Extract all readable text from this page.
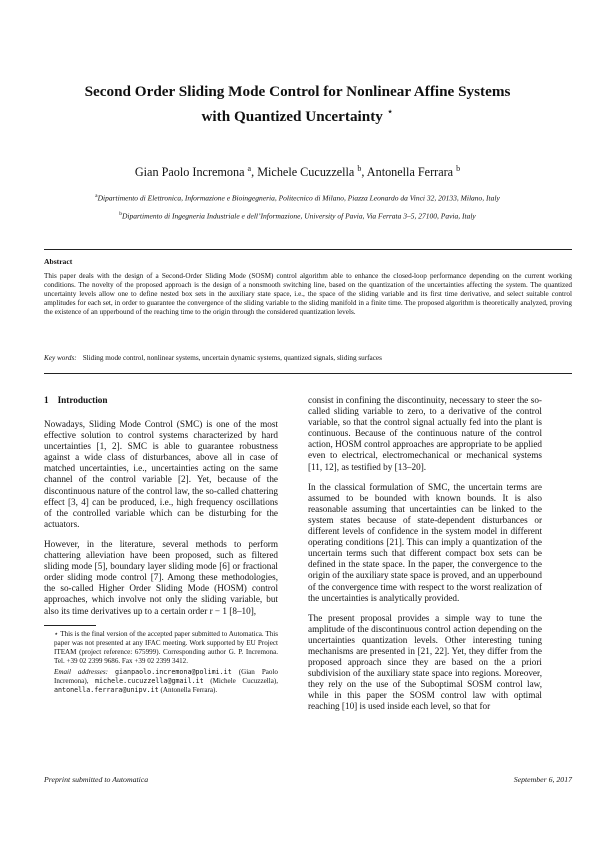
Second Order Sliding Mode Control for Nonlinear Affine Systems
with Quantized Uncertainty ⋆
Gian Paolo Incremona $^a$, Michele Cucuzzella $^b$, Antonella Ferrara $^b$
$^a$Dipartimento di Elettronica, Informazione e Bioingegneria, Politecnico di Milano, Piazza Leonardo da Vinci 32, 20133, Milano, Italy
$^b$Dipartimento di Ingegneria Industriale e dell’Informazione, University of Pavia, Via Ferrata 3–5, 27100, Pavia, Italy
Abstract
This paper deals with the design of a Second-Order Sliding Mode (SOSM) control algorithm able to enhance the closed-loop performance depending on the current working conditions. The novelty of the proposed approach is the design of a nonsmooth switching line, based on the quantization of the uncertainties affecting the system. The quantized uncertainty levels allow one to define nested box sets in the auxiliary state space, i.e., the space of the sliding variable and its first time derivative, and select suitable control amplitudes for each set, in order to guarantee the convergence of the sliding variable to the sliding manifold in a finite time. The proposed algorithm is theoretically analyzed, proving the existence of an upperbound of the reaching time to the origin through the considered quantization levels.
Key words: Sliding mode control, nonlinear systems, uncertain dynamic systems, quantized signals, sliding surfaces
1 Introduction

Nowadays, Sliding Mode Control (SMC) is one of the most effective solution to control systems characterized by hard uncertainties [1, 2]. SMC is able to guarantee robustness against a wide class of disturbances, above all in case of matched uncertainties, i.e., uncertainties acting on the same channel of the control variable [2]. Yet, because of the discontinuous nature of the control law, the so-called chattering effect [3, 4] can be produced, i.e., high frequency oscillations of the controlled variable which can be disturbing for the actuators.

However, in the literature, several methods to perform chattering alleviation have been proposed, such as filtered sliding mode [5], boundary layer sliding mode [6] or fractional order sliding mode control [7]. Among these methodologies, the so-called Higher Order Sliding Mode (HOSM) control approaches, which involve not only the sliding variable, but also its time derivatives up to a certain order r − 1 [8–10],

⋆ This is the final version of the accepted paper submitted to Automatica. This paper was not presented at any IFAC meeting. Work supported by EU Project ITEAM (project reference: 675999). Corresponding author G. P. Incremona. Tel. +39 02 2399 9686. Fax +39 02 2399 3412.

Email addresses: gianpaolo.incremona@polimi.it (Gian Paolo Incremona), michele.cucuzzella@gmail.it (Michele Cucuzzella), antonella.ferrara@unipv.it (Antonella Ferrara).

consist in confining the discontinuity, necessary to steer the so-called sliding variable to zero, to a derivative of the control variable, so that the control signal actually fed into the plant is continuous. Because of the continuous nature of the control action, HOSM control approaches are appropriate to be applied even to electrical, electromechanical or mechanical systems [11, 12], as testified by [13–20].

In the classical formulation of SMC, the uncertain terms are assumed to be bounded with known bounds. It is also reasonable assuming that uncertainties can be linked to the system states because of state-dependent disturbances or different levels of confidence in the system model in different operating conditions [21]. This can imply a quantization of the uncertain terms such that different compact box sets can be defined in the state space. In the paper, the convergence to the origin of the auxiliary state space is proved, and an upperbound of the convergence time with respect to the worst realization of the uncertainties is analytically provided.

The present proposal provides a simple way to tune the amplitude of the discontinuous control action depending on the uncertainties quantization levels. Other interesting tuning mechanisms are presented in [21, 22]. Yet, they differ from the proposed approach since they are based on the a priori subdivision of the auxiliary state space into regions. Moreover, they rely on the use of the Suboptimal SOSM control law, while in this paper the SOSM control law with optimal reaching [10] is used inside each level, so that for

Preprint submitted to Automatica	September 6, 2017
